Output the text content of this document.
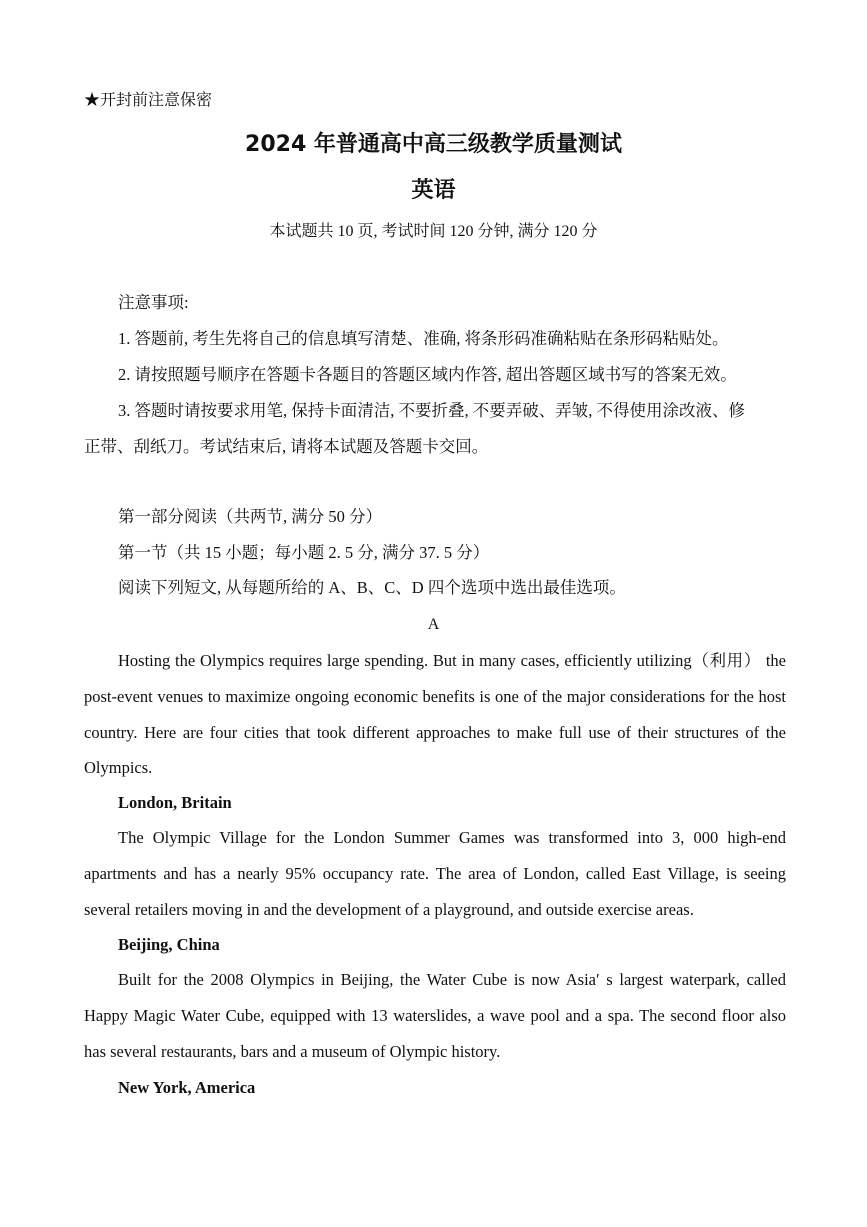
★开封前注意保密
2024 年普通高中高三级教学质量测试
英语
本试题共 10 页, 考试时间 120 分钟, 满分 120 分
注意事项:
1. 答题前, 考生先将自己的信息填写清楚、准确, 将条形码准确粘贴在条形码粘贴处。
2. 请按照题号顺序在答题卡各题目的答题区域内作答, 超出答题区域书写的答案无效。
3. 答题时请按要求用笔, 保持卡面清洁, 不要折叠, 不要弄破、弄皱, 不得使用涂改液、修
正带、刮纸刀。考试结束后, 请将本试题及答题卡交回。
第一部分阅读（共两节, 满分 50 分）
第一节（共 15 小题；每小题 2. 5 分, 满分 37. 5 分）
阅读下列短文, 从每题所给的 A、B、C、D 四个选项中选出最佳选项。
A

Hosting the Olympics requires large spending. But in many cases, efficiently utilizing（利用） the post-event venues to maximize ongoing economic benefits is one of the major considerations for the host country. Here are four cities that took different approaches to make full use of their structures of the Olympics.

London, Britain

The Olympic Village for the London Summer Games was transformed into 3, 000 high-end apartments and has a nearly 95% occupancy rate. The area of London, called East Village, is seeing several retailers moving in and the development of a playground, and outside exercise areas.

Beijing, China

Built for the 2008 Olympics in Beijing, the Water Cube is now Asia′ s largest waterpark, called Happy Magic Water Cube, equipped with 13 waterslides, a wave pool and a spa. The second floor also has several restaurants, bars and a museum of Olympic history.

New York, America
